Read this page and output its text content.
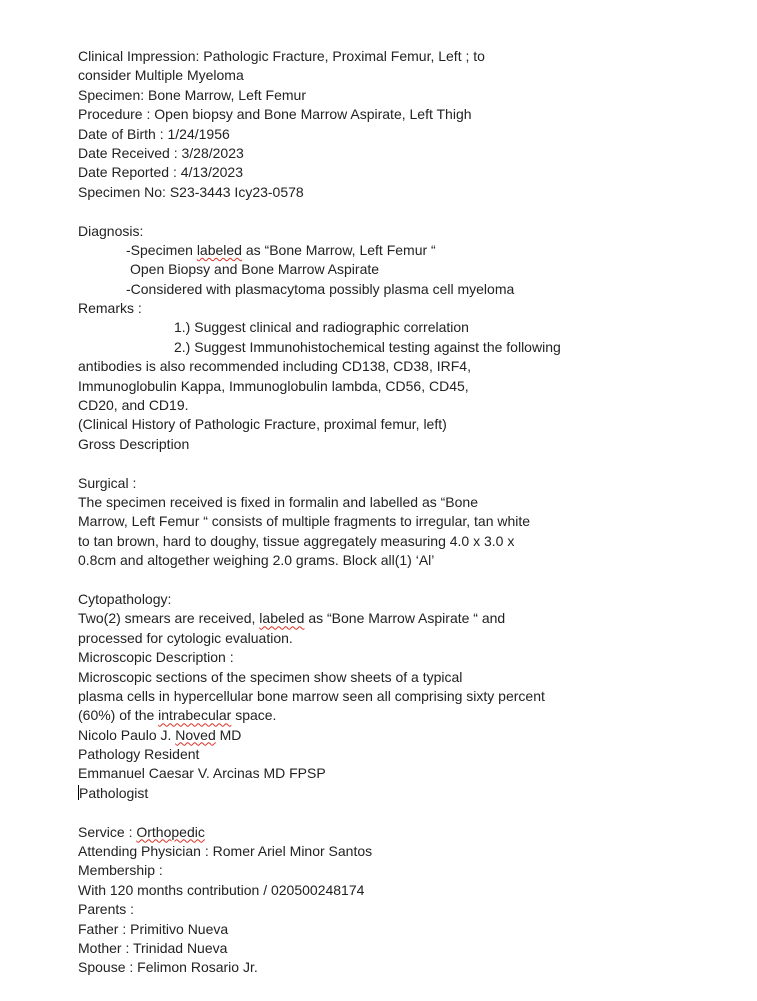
Clinical Impression: Pathologic Fracture, Proximal Femur, Left ; to
consider Multiple Myeloma
Specimen: Bone Marrow, Left Femur
Procedure : Open biopsy and Bone Marrow Aspirate, Left Thigh
Date of Birth : 1/24/1956
Date Received : 3/28/2023
Date Reported : 4/13/2023
Specimen No: S23-3443 Icy23-0578
Diagnosis:
-Specimen labeled as “Bone Marrow, Left Femur “
Open Biopsy and Bone Marrow Aspirate
-Considered with plasmacytoma possibly plasma cell myeloma
Remarks :
1.) Suggest clinical and radiographic correlation
2.) Suggest Immunohistochemical testing against the following
antibodies is also recommended including CD138, CD38, IRF4,
Immunoglobulin Kappa, Immunoglobulin lambda, CD56, CD45,
CD20, and CD19.
(Clinical History of Pathologic Fracture, proximal femur, left)
Gross Description
Surgical :
The specimen received is fixed in formalin and labelled as “Bone
Marrow, Left Femur “ consists of multiple fragments to irregular, tan white
to tan brown, hard to doughy, tissue aggregately measuring 4.0 x 3.0 x
0.8cm and altogether weighing 2.0 grams. Block all(1) ‘Al’
Cytopathology:
Two(2) smears are received, labeled as “Bone Marrow Aspirate “ and
processed for cytologic evaluation.
Microscopic Description :
Microscopic sections of the specimen show sheets of a typical
plasma cells in hypercellular bone marrow seen all comprising sixty percent
(60%) of the intrabecular space.
Nicolo Paulo J. Noved MD
Pathology Resident
Emmanuel Caesar V. Arcinas MD FPSP
Pathologist
Service : Orthopedic
Attending Physician : Romer Ariel Minor Santos
Membership :
With 120 months contribution / 020500248174
Parents :
Father : Primitivo Nueva
Mother : Trinidad Nueva
Spouse : Felimon Rosario Jr.
